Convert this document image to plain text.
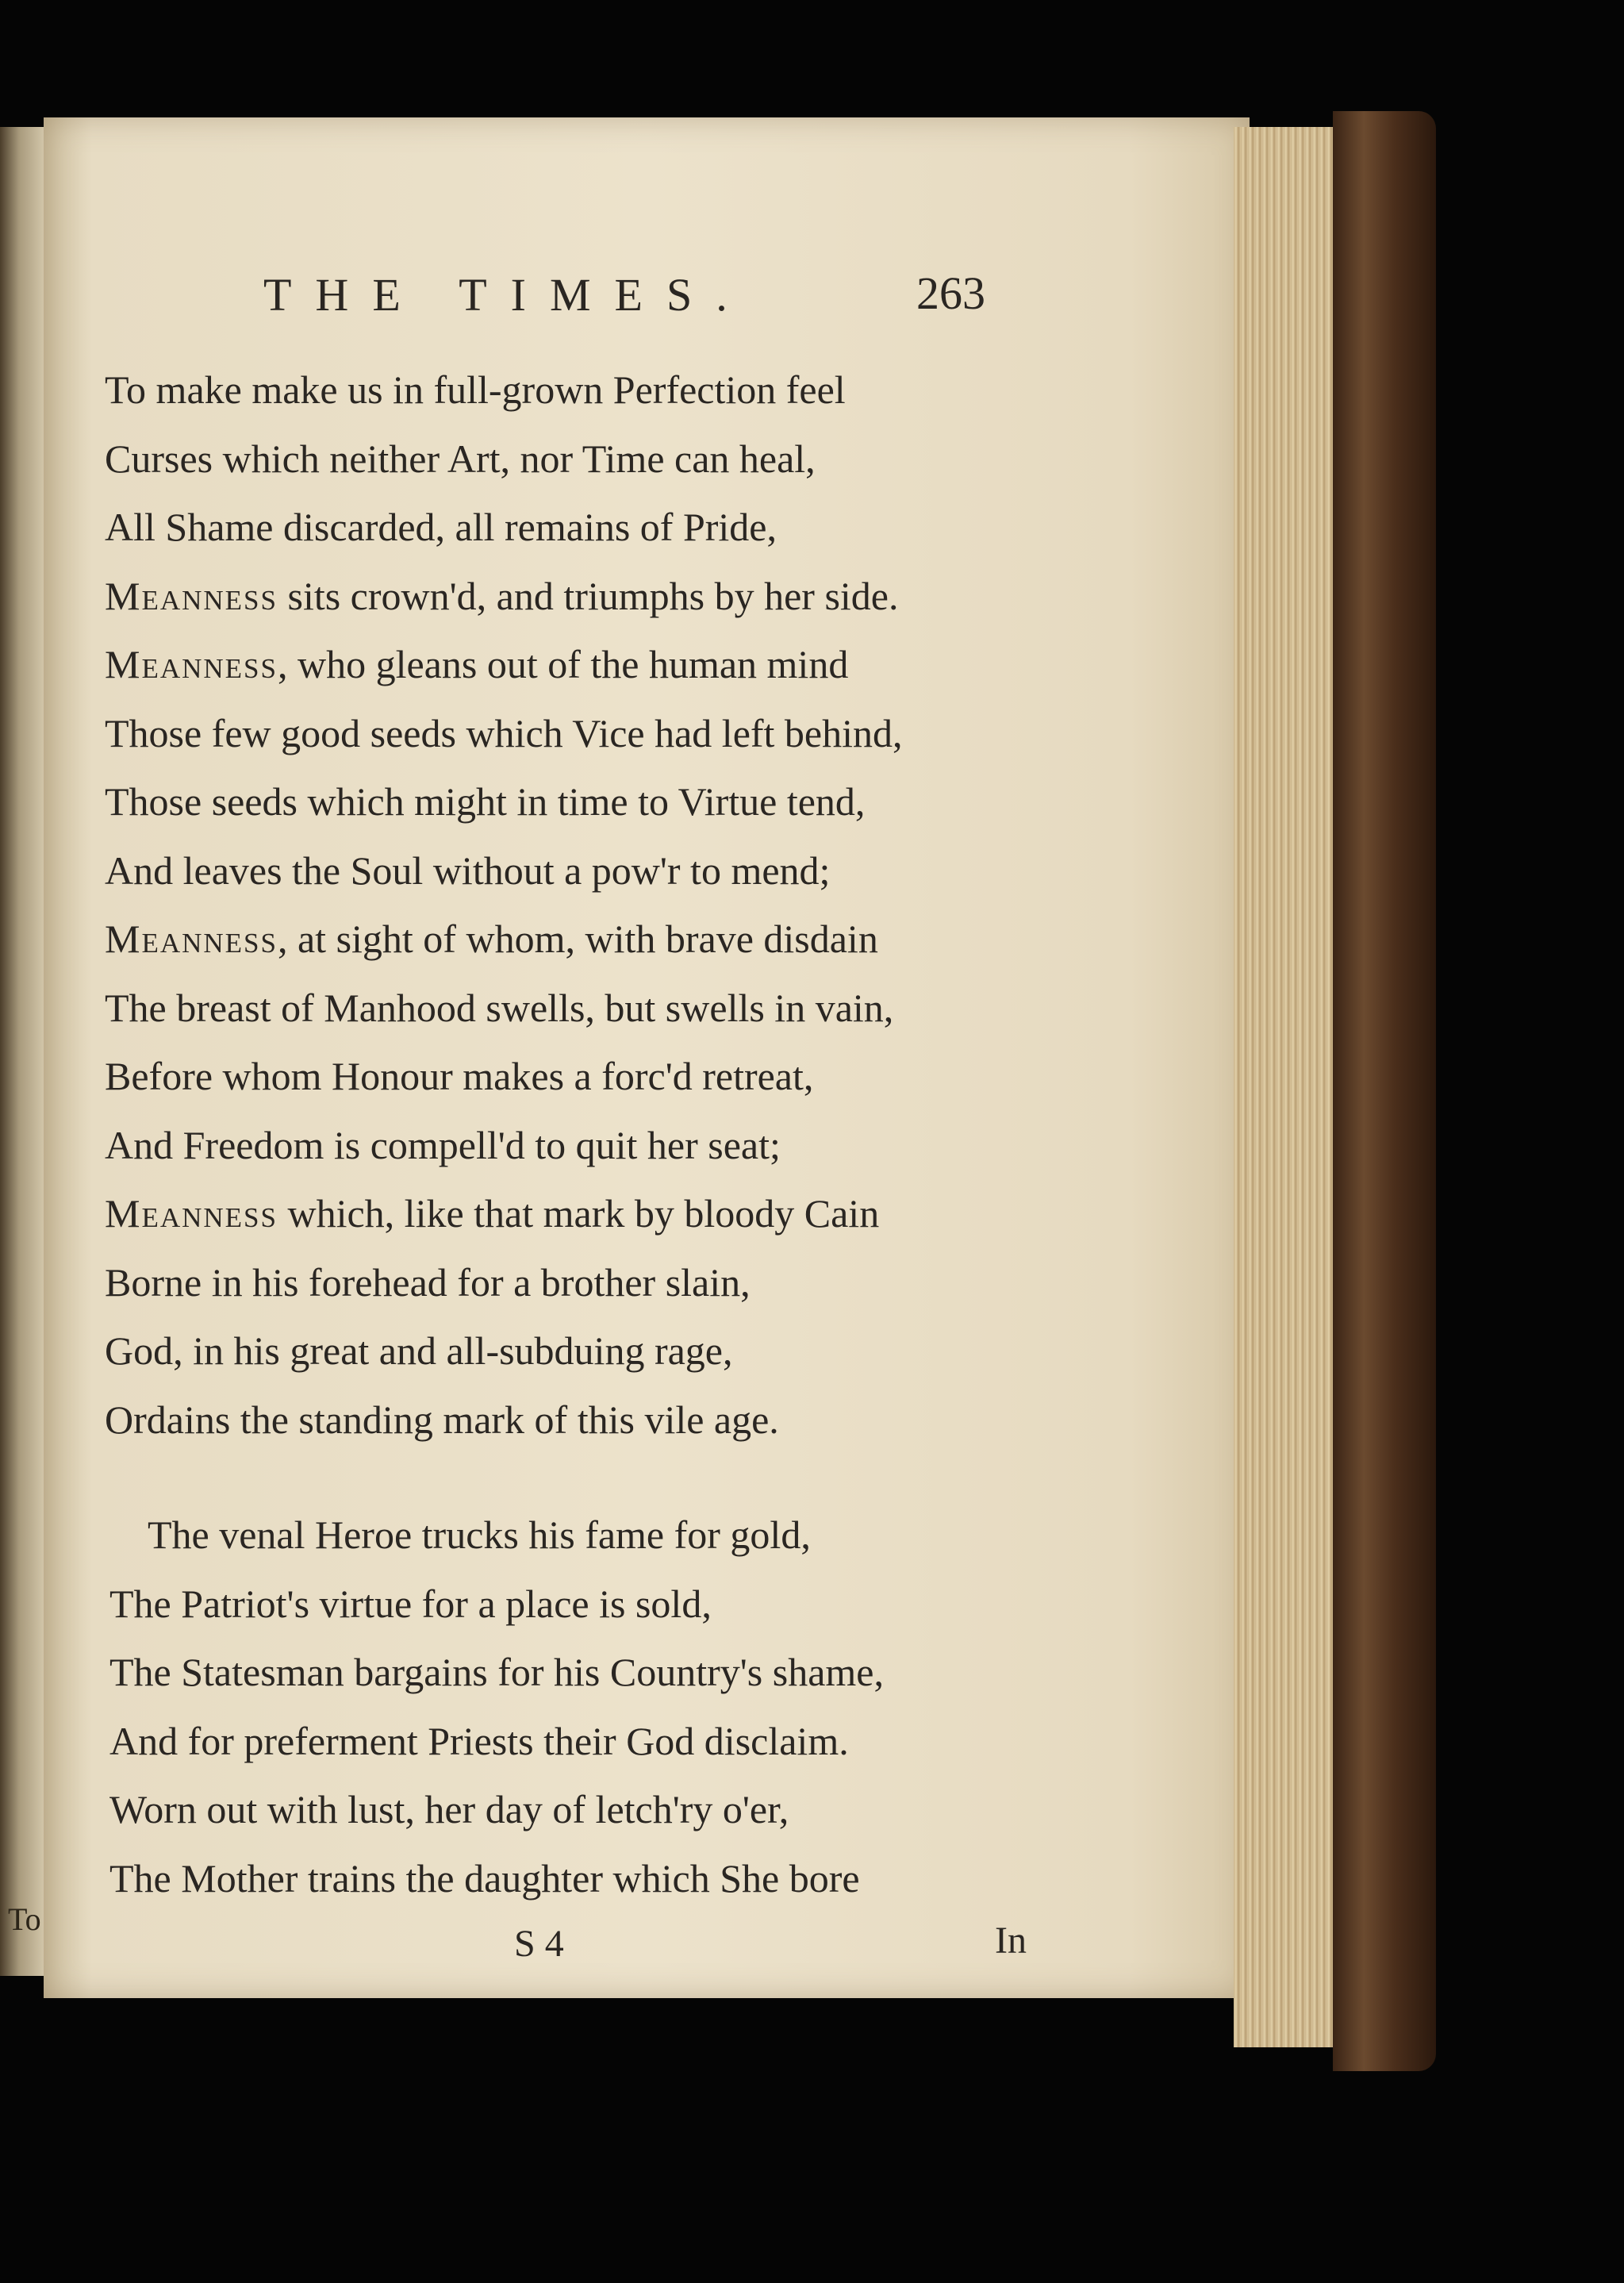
To
THE TIMES.	263
To make make us in full-grown Perfection feel
Curses which neither Art, nor Time can heal,
All Shame discarded, all remains of Pride,
Meanness sits crown'd, and triumphs by her side.
Meanness, who gleans out of the human mind
Those few good seeds which Vice had left behind,
Those seeds which might in time to Virtue tend,
And leaves the Soul without a pow'r to mend;
Meanness, at sight of whom, with brave disdain
The breast of Manhood swells, but swells in vain,
Before whom Honour makes a forc'd retreat,
And Freedom is compell'd to quit her seat;
Meanness which, like that mark by bloody Cain
Borne in his forehead for a brother slain,
God, in his great and all-subduing rage,
Ordains the standing mark of this vile age.
The venal Heroe trucks his fame for gold,
The Patriot's virtue for a place is sold,
The Statesman bargains for his Country's shame,
And for preferment Priests their God disclaim.
Worn out with lust, her day of letch'ry o'er,
The Mother trains the daughter which She bore
S 4	In
